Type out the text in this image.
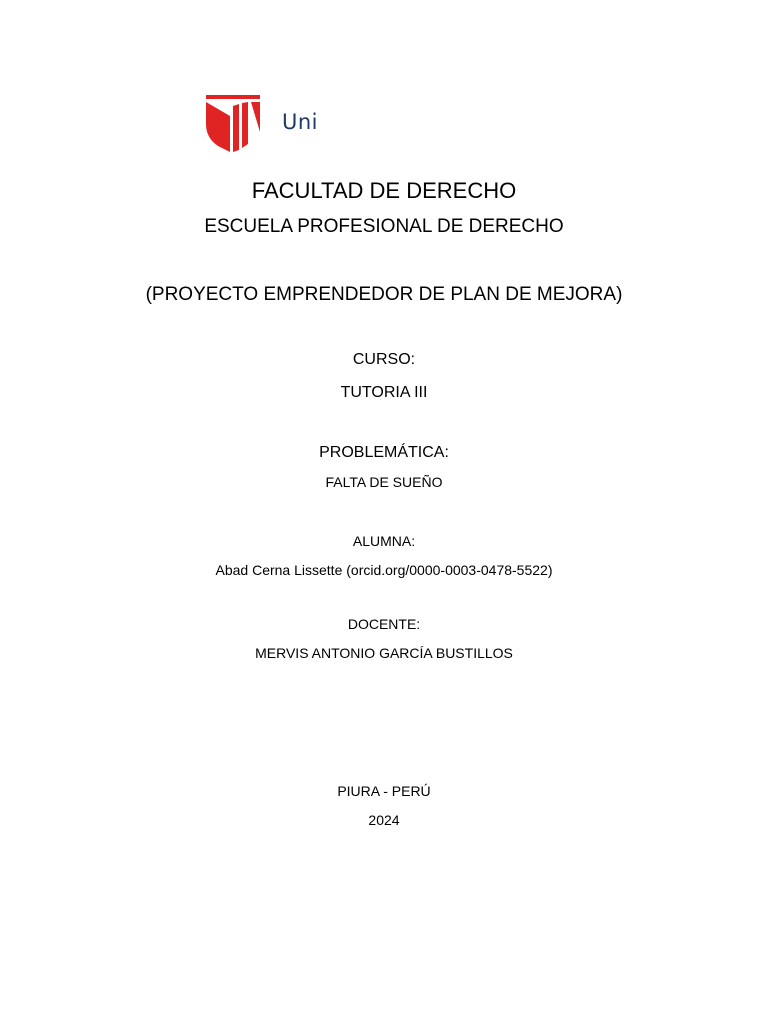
Uni
FACULTAD DE DERECHO
ESCUELA PROFESIONAL DE DERECHO
(PROYECTO EMPRENDEDOR DE PLAN DE MEJORA)
CURSO:
TUTORIA III
PROBLEMÁTICA:
FALTA DE SUEÑO
ALUMNA:
Abad Cerna Lissette (orcid.org/0000-0003-0478-5522)
DOCENTE:
MERVIS ANTONIO GARCÍA BUSTILLOS
PIURA - PERÚ
2024
